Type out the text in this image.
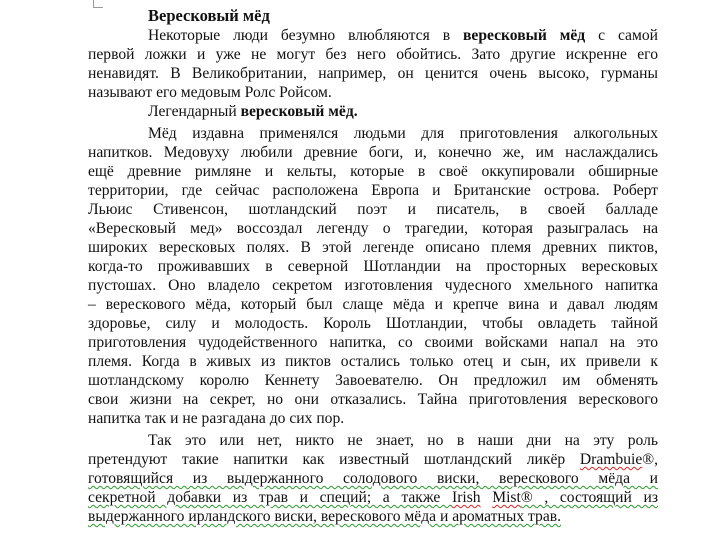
Вересковый мёд
Некоторые люди безумно влюбляются в вересковый мёд с самой
первой ложки и уже не могут без него обойтись. Зато другие искренне его
ненавидят. В Великобритании, например, он ценится очень высоко, гурманы
называют его медовым Ролс Ройсом.
Легендарный вересковый мёд.
Мёд издавна применялся людьми для приготовления алкогольных
напитков. Медовуху любили древние боги, и, конечно же, им наслаждались
ещё древние римляне и кельты, которые в своё оккупировали обширные
территории, где сейчас расположена Европа и Британские острова. Роберт
Льюис Стивенсон, шотландский поэт и писатель, в своей балладе
«Вересковый мед» воссоздал легенду о трагедии, которая разыгралась на
широких вересковых полях. В этой легенде описано племя древних пиктов,
когда-то проживавших в северной Шотландии на просторных вересковых
пустошах. Оно владело секретом изготовления чудесного хмельного напитка
– верескового мёда, который был слаще мёда и крепче вина и давал людям
здоровье, силу и молодость. Король Шотландии, чтобы овладеть тайной
приготовления чудодейственного напитка, со своими войсками напал на это
племя. Когда в живых из пиктов остались только отец и сын, их привели к
шотландскому королю Кеннету Завоевателю. Он предложил им обменять
свои жизни на секрет, но они отказались. Тайна приготовления верескового
напитка так и не разгадана до сих пор.
Так это или нет, никто не знает, но в наши дни на эту роль
претендуют такие напитки как известный шотландский ликёр Drambuie®,
готовящийся из выдержанного солодового виски, верескового мёда и
секретной добавки из трав и специй; а также Irish Mist® , состоящий из
выдержанного ирландского виски, верескового мёда и ароматных трав.
